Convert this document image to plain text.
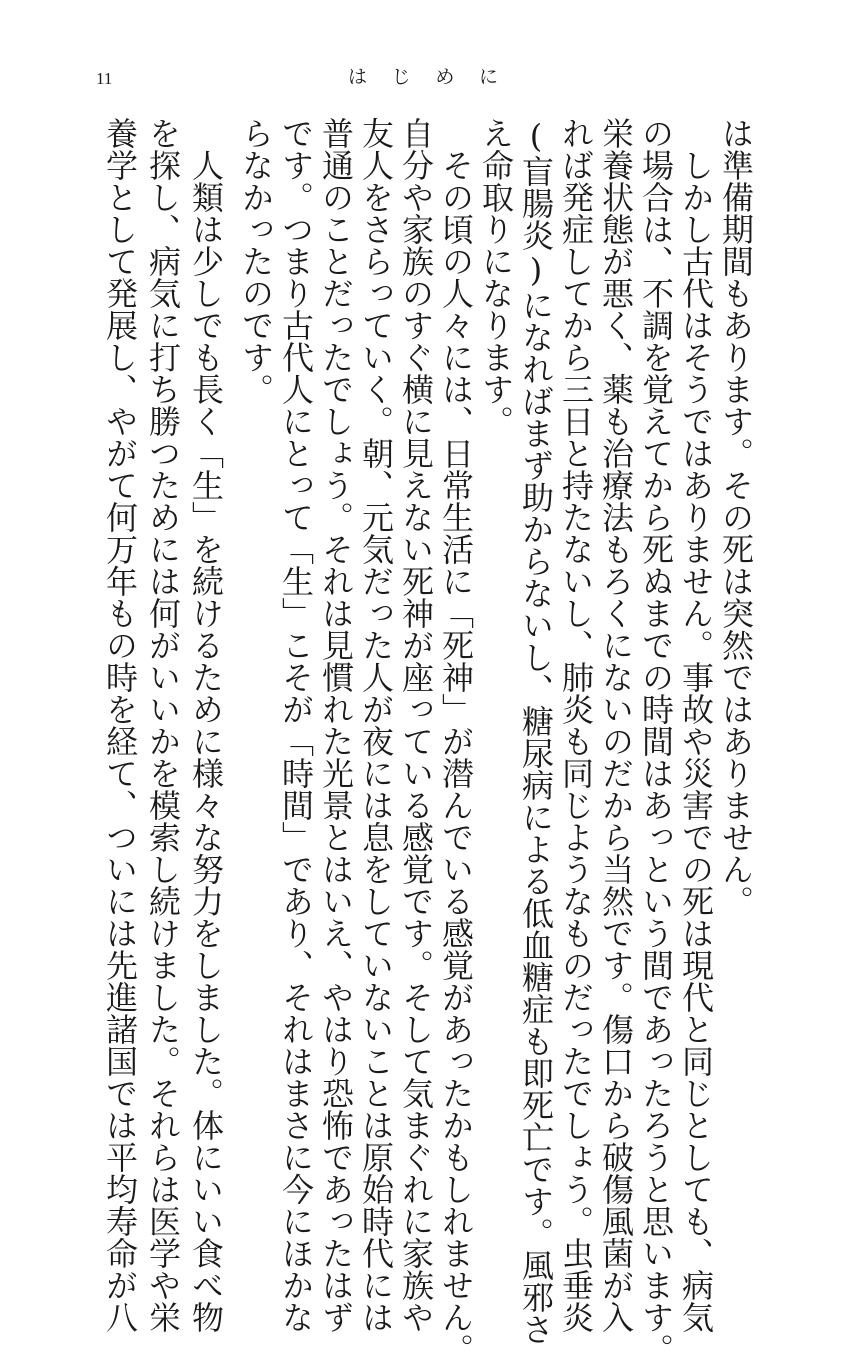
11	は じ め に
は準備期間もあります。その死は突然ではありません。
　しかし古代はそうではありません。事故や災害での死は現代と同じとしても、病気
の場合は、不調を覚えてから死ぬまでの時間はあっという間であったろうと思います。
栄養状態が悪く、薬も治療法もろくにないのだから当然です。傷口から破傷風菌が入
れば発症してから三日と持たないし、肺炎も同じようなものだったでしょう。虫垂炎
(盲腸炎)になればまず助からないし、糖尿病による低血糖症も即死亡です。風邪さ
え命取りになります。
　その頃の人々には、日常生活に「死神」が潜んでいる感覚があったかもしれません。
自分や家族のすぐ横に見えない死神が座っている感覚です。そして気まぐれに家族や
友人をさらっていく。朝、元気だった人が夜には息をしていないことは原始時代には
普通のことだったでしょう。それは見慣れた光景とはいえ、やはり恐怖であったはず
です。つまり古代人にとって「生」こそが「時間」であり、それはまさに今にほかな
らなかったのです。
　人類は少しでも長く「生」を続けるために様々な努力をしました。体にいい食べ物
を探し、病気に打ち勝つためには何がいいかを模索し続けました。それらは医学や栄
養学として発展し、やがて何万年もの時を経て、ついには先進諸国では平均寿命が八
